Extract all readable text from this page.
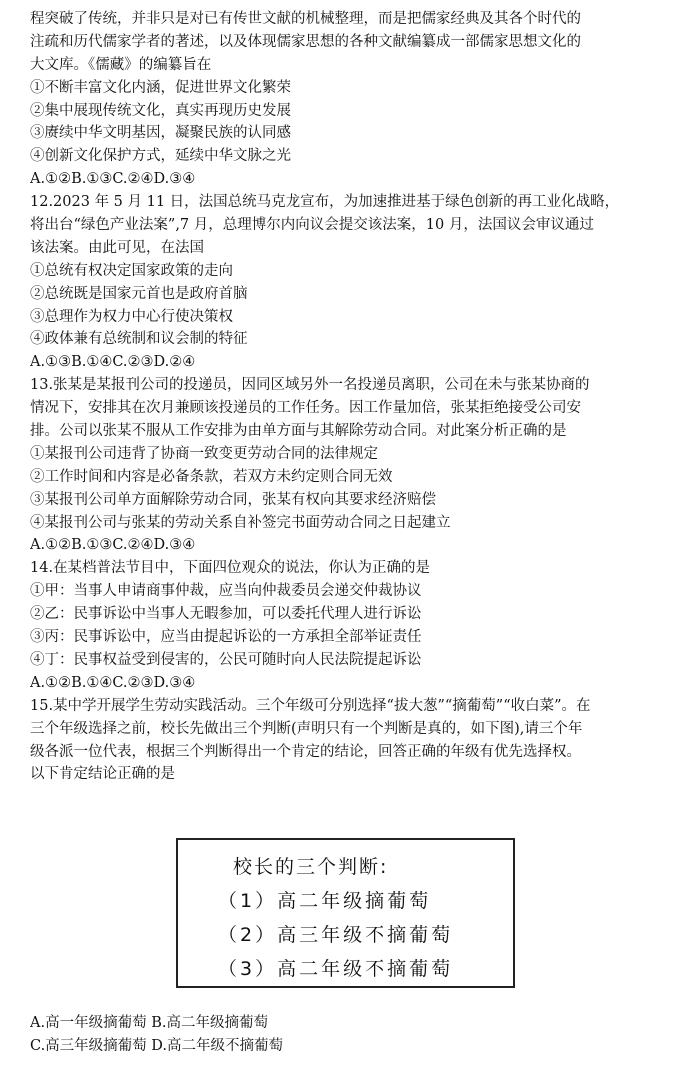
程突破了传统，并非只是对已有传世文献的机械整理，而是把儒家经典及其各个时代的
注疏和历代儒家学者的著述，以及体现儒家思想的各种文献编纂成一部儒家思想文化的
大文库。《儒藏》的编纂旨在
①不断丰富文化内涵，促进世界文化繁荣
②集中展现传统文化，真实再现历史发展
③赓续中华文明基因，凝聚民族的认同感
④创新文化保护方式，延续中华文脉之光
A.①②B.①③C.②④D.③④
12.2023 年 5 月 11 日，法国总统马克龙宣布，为加速推进基于绿色创新的再工业化战略，
将出台“绿色产业法案”,7 月，总理博尔内向议会提交该法案，10 月，法国议会审议通过
该法案。由此可见，在法国
①总统有权决定国家政策的走向
②总统既是国家元首也是政府首脑
③总理作为权力中心行使决策权
④政体兼有总统制和议会制的特征
A.①③B.①④C.②③D.②④
13.张某是某报刊公司的投递员，因同区域另外一名投递员离职，公司在未与张某协商的
情况下，安排其在次月兼顾该投递员的工作任务。因工作量加倍，张某拒绝接受公司安
排。公司以张某不服从工作安排为由单方面与其解除劳动合同。对此案分析正确的是
①某报刊公司违背了协商一致变更劳动合同的法律规定
②工作时间和内容是必备条款，若双方未约定则合同无效
③某报刊公司单方面解除劳动合同，张某有权向其要求经济赔偿
④某报刊公司与张某的劳动关系自补签完书面劳动合同之日起建立
A.①②B.①③C.②④D.③④
14.在某档普法节目中，下面四位观众的说法，你认为正确的是
①甲：当事人申请商事仲裁，应当向仲裁委员会递交仲裁协议
②乙：民事诉讼中当事人无暇参加，可以委托代理人进行诉讼
③丙：民事诉讼中，应当由提起诉讼的一方承担全部举证责任
④丁：民事权益受到侵害的，公民可随时向人民法院提起诉讼
A.①②B.①④C.②③D.③④
15.某中学开展学生劳动实践活动。三个年级可分别选择“拔大葱”“摘葡萄”“收白菜”。在
三个年级选择之前，校长先做出三个判断(声明只有一个判断是真的，如下图),请三个年
级各派一位代表，根据三个判断得出一个肯定的结论，回答正确的年级有优先选择权。
以下肯定结论正确的是
校长的三个判断:
（1）高二年级摘葡萄
（2）高三年级不摘葡萄
（3）高二年级不摘葡萄
A.高一年级摘葡萄 B.高二年级摘葡萄
C.高三年级摘葡萄 D.高二年级不摘葡萄
